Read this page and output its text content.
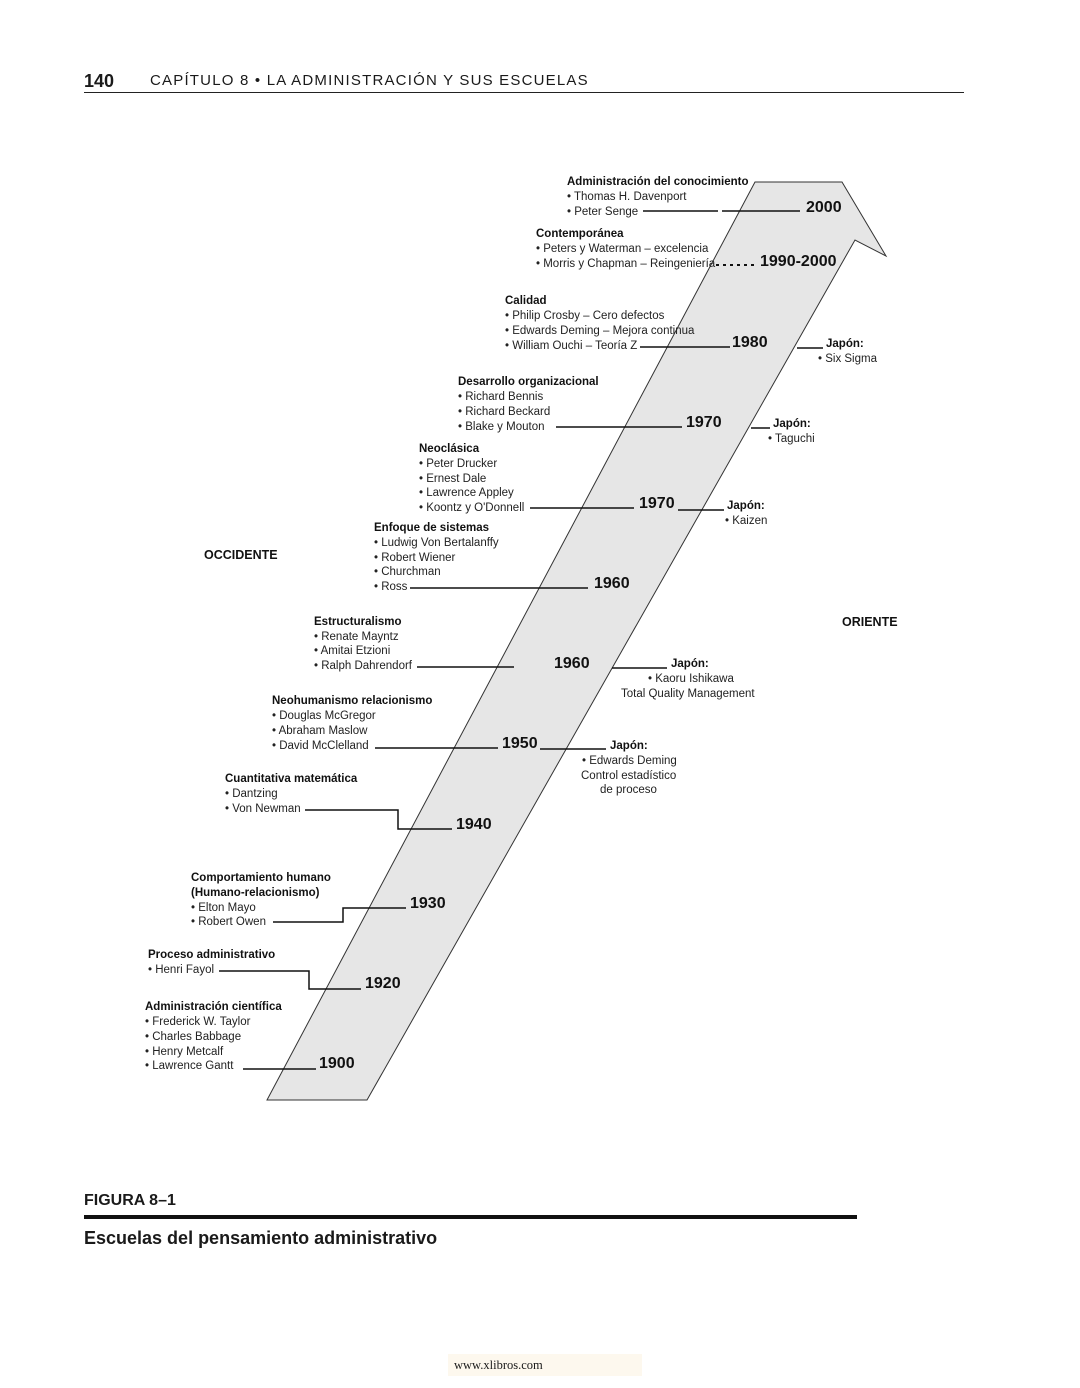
140 CAPÍTULO 8 • LA ADMINISTRACIÓN Y SUS ESCUELAS
OCCIDENTE
ORIENTE
Administración del conocimiento
• Thomas H. Davenport
• Peter Senge	2000
Contemporánea
• Peters y Waterman – excelencia
• Morris y Chapman – Reingeniería	1990-2000
Calidad
• Philip Crosby – Cero defectos
• Edwards Deming – Mejora continua
• William Ouchi – Teoría Z	1980
Desarrollo organizacional
• Richard Bennis
• Richard Beckard
• Blake y Mouton	1970
Neoclásica
• Peter Drucker
• Ernest Dale
• Lawrence Appley
• Koontz y O'Donnell	1970
Enfoque de sistemas
• Ludwig Von Bertalanffy
• Robert Wiener
• Churchman
• Ross	1960
Estructuralismo
• Renate Mayntz
• Amitai Etzioni
• Ralph Dahrendorf	1960
Neohumanismo relacionismo
• Douglas McGregor
• Abraham Maslow
• David McClelland	1950
Cuantitativa matemática
• Dantzing
• Von Newman
1940
Comportamiento humano
(Humano-relacionismo)
• Elton Mayo
• Robert Owen
1930
Proceso administrativo
• Henri Fayol
1920
Administración científica
• Frederick W. Taylor
• Charles Babbage
• Henry Metcalf
• Lawrence Gantt	1900
Japón:
• Six Sigma
Japón:
• Taguchi
Japón:
• Kaizen
Japón:
• Kaoru Ishikawa
Total Quality Management
Japón:
• Edwards Deming
Control estadístico
de proceso
FIGURA 8–1
Escuelas del pensamiento administrativo
www.xlibros.com
